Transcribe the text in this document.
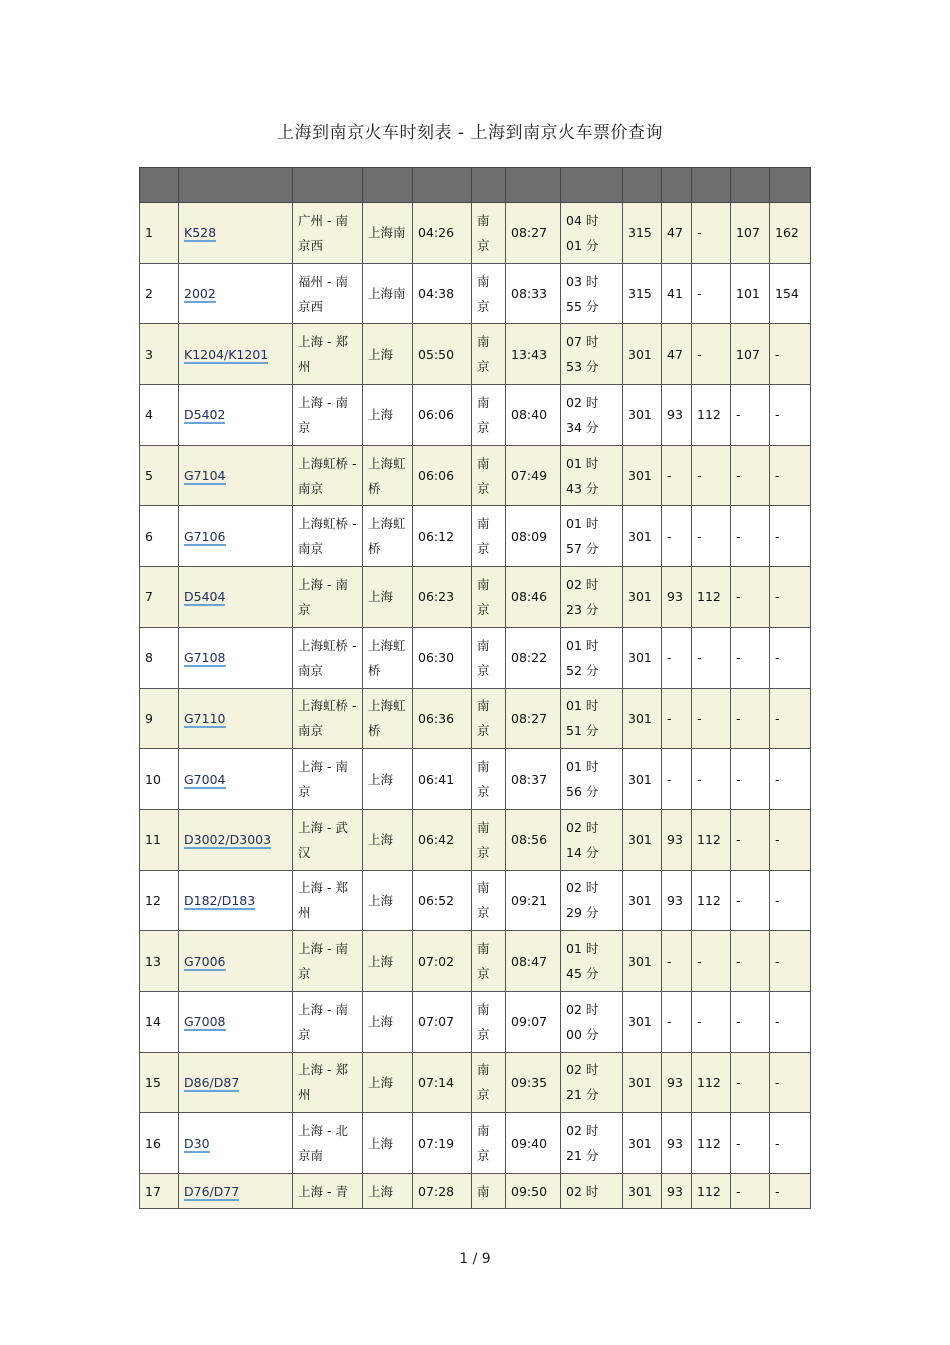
上海到南京火车时刻表 - 上海到南京火车票价查询

1	K528	广州 - 南京西	上海南	04:26	南京	08:27	04 时 01 分	315	47	-	107	162
2	2002	福州 - 南京西	上海南	04:38	南京	08:33	03 时 55 分	315	41	-	101	154
3	K1204/K1201	上海 - 郑州	上海	05:50	南京	13:43	07 时 53 分	301	47	-	107	-
4	D5402	上海 - 南京	上海	06:06	南京	08:40	02 时 34 分	301	93	112	-	-
5	G7104	上海虹桥 - 南京	上海虹桥	06:06	南京	07:49	01 时 43 分	301	-	-	-	-
6	G7106	上海虹桥 - 南京	上海虹桥	06:12	南京	08:09	01 时 57 分	301	-	-	-	-
7	D5404	上海 - 南京	上海	06:23	南京	08:46	02 时 23 分	301	93	112	-	-
8	G7108	上海虹桥 - 南京	上海虹桥	06:30	南京	08:22	01 时 52 分	301	-	-	-	-
9	G7110	上海虹桥 - 南京	上海虹桥	06:36	南京	08:27	01 时 51 分	301	-	-	-	-
10	G7004	上海 - 南京	上海	06:41	南京	08:37	01 时 56 分	301	-	-	-	-
11	D3002/D3003	上海 - 武汉	上海	06:42	南京	08:56	02 时 14 分	301	93	112	-	-
12	D182/D183	上海 - 郑州	上海	06:52	南京	09:21	02 时 29 分	301	93	112	-	-
13	G7006	上海 - 南京	上海	07:02	南京	08:47	01 时 45 分	301	-	-	-	-
14	G7008	上海 - 南京	上海	07:07	南京	09:07	02 时 00 分	301	-	-	-	-
15	D86/D87	上海 - 郑州	上海	07:14	南京	09:35	02 时 21 分	301	93	112	-	-
16	D30	上海 - 北京南	上海	07:19	南京	09:40	02 时 21 分	301	93	112	-	-
17	D76/D77	上海 - 青	上海	07:28	南	09:50	02 时	301	93	112	-	-
1 / 9
